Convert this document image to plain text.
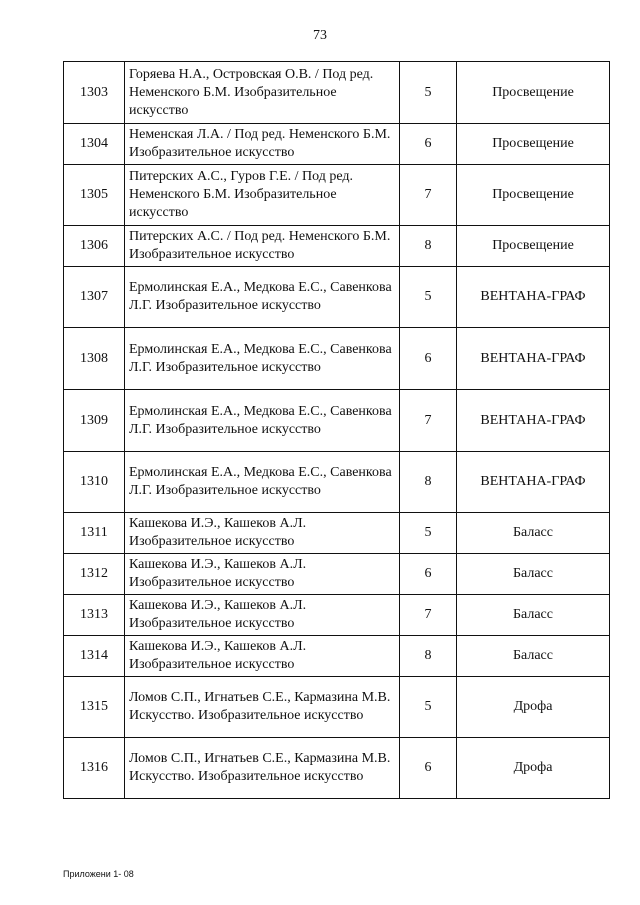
73
1303	Горяева Н.А., Островская О.В. / Под ред. Неменского Б.М. Изобразительное искусство	5	Просвещение
1304	Неменская Л.А. / Под ред. Неменского Б.М. Изобразительное искусство	6	Просвещение
1305	Питерских А.С., Гуров Г.Е. / Под ред. Неменского Б.М. Изобразительное искусство	7	Просвещение
1306	Питерских А.С. / Под ред. Неменского Б.М. Изобразительное искусство	8	Просвещение
1307	Ермолинская Е.А., Медкова Е.С., Савенкова Л.Г. Изобразительное искусство	5	ВЕНТАНА-ГРАФ
1308	Ермолинская Е.А., Медкова Е.С., Савенкова Л.Г. Изобразительное искусство	6	ВЕНТАНА-ГРАФ
1309	Ермолинская Е.А., Медкова Е.С., Савенкова Л.Г. Изобразительное искусство	7	ВЕНТАНА-ГРАФ
1310	Ермолинская Е.А., Медкова Е.С., Савенкова Л.Г. Изобразительное искусство	8	ВЕНТАНА-ГРАФ
1311	Кашекова И.Э., Кашеков А.Л. Изобразительное искусство	5	Баласс
1312	Кашекова И.Э., Кашеков А.Л. Изобразительное искусство	6	Баласс
1313	Кашекова И.Э., Кашеков А.Л. Изобразительное искусство	7	Баласс
1314	Кашекова И.Э., Кашеков А.Л. Изобразительное искусство	8	Баласс
1315	Ломов С.П., Игнатьев С.Е., Кармазина М.В. Искусство. Изобразительное искусство	5	Дрофа
1316	Ломов С.П., Игнатьев С.Е., Кармазина М.В. Искусство. Изобразительное искусство	6	Дрофа
Приложени 1- 08
